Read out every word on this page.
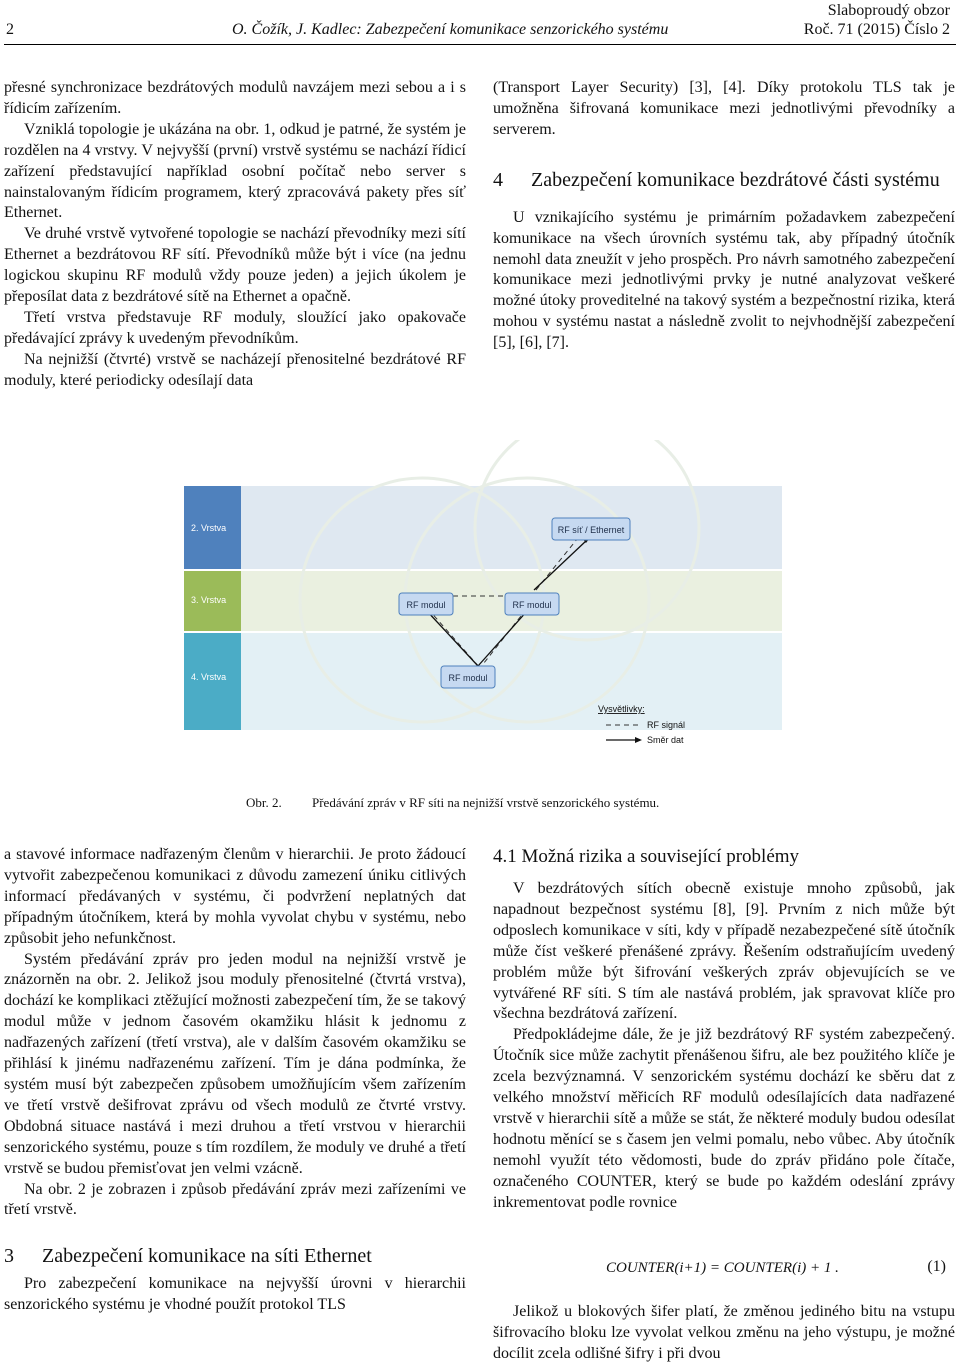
2	O. Čožík, J. Kadlec: Zabezpečení komunikace senzorického systému
Slaboproudý obzor
Roč. 71 (2015) Číslo 2

přesné synchronizace bezdrátových modulů navzájem mezi sebou a i s řídicím zařízením.

Vzniklá topologie je ukázána na obr. 1, odkud je patrné, že systém je rozdělen na 4 vrstvy. V nejvyšší (první) vrstvě systému se nachází řídicí zařízení představující například osobní počítač nebo server s nainstalovaným řídicím programem, který zpracovává pakety přes síť Ethernet.

Ve druhé vrstvě vytvořené topologie se nachází převodníky mezi sítí Ethernet a bezdrátovou RF sítí. Převodníků může být i více (na jednu logickou skupinu RF modulů vždy pouze jeden) a jejich úkolem je přeposílat data z bezdrátové sítě na Ethernet a opačně.

Třetí vrstva představuje RF moduly, sloužící jako opakovače předávající zprávy k uvedeným převodníkům.

Na nejnižší (čtvrté) vrstvě se nacházejí přenositelné bezdrátové RF moduly, které periodicky odesílají data

(Transport Layer Security) [3], [4]. Díky protokolu TLS tak je umožněna šifrovaná komunikace mezi jednotlivými převodníky a serverem.

4	Zabezpečení komunikace bezdrátové části systému

U vznikajícího systému je primárním požadavkem zabezpečení komunikace na všech úrovních systému tak, aby případný útočník nemohl data zneužít v jeho prospěch. Pro návrh samotného zabezpečení komunikace mezi jednotlivými prvky je nutné analyzovat veškeré možné útoky proveditelné na takový systém a bezpečnostní rizika, která mohou v systému nastat a následně zvolit to nejvhodnější zabezpečení [5], [6], [7].

2. Vrstva
3. Vrstva
4. Vrstva
RF síť / Ethernet
RF modul	RF modul
RF modul
Vysvětlivky:
RF signál
Směr dat
Obr. 2. Předávání zpráv v RF síti na nejnižší vrstvě senzorického systému.

a stavové informace nadřazeným členům v hierarchii. Je proto žádoucí vytvořit zabezpečenou komunikaci z důvodu zamezení úniku citlivých informací předávaných v systému, či podvržení neplatných dat případným útočníkem, která by mohla vyvolat chybu v systému, nebo způsobit jeho nefunkčnost.

Systém předávání zpráv pro jeden modul na nejnižší vrstvě je znázorněn na obr. 2. Jelikož jsou moduly přenositelné (čtvrtá vrstva), dochází ke komplikaci ztěžující možnosti zabezpečení tím, že se takový modul může v jednom časovém okamžiku hlásit k jednomu z nadřazených zařízení (třetí vrstva), ale v dalším časovém okamžiku se přihlásí k jinému nadřazenému zařízení. Tím je dána podmínka, že systém musí být zabezpečen způsobem umožňujícím všem zařízením ve třetí vrstvě dešifrovat zprávu od všech modulů ze čtvrté vrstvy. Obdobná situace nastává i mezi druhou a třetí vrstvou v hierarchii senzorického systému, pouze s tím rozdílem, že moduly ve druhé a třetí vrstvě se budou přemisťovat jen velmi vzácně.

Na obr. 2 je zobrazen i způsob předávání zpráv mezi zařízeními ve třetí vrstvě.

3	Zabezpečení komunikace na síti Ethernet

Pro zabezpečení komunikace na nejvyšší úrovni v hierarchii senzorického systému je vhodné použít protokol TLS

4.1 Možná rizika a související problémy

V bezdrátových sítích obecně existuje mnoho způsobů, jak napadnout bezpečnost systému [8], [9]. Prvním z nich může být odposlech komunikace v síti, kdy v případě nezabezpečené sítě útočník může číst veškeré přenášené zprávy. Řešením odstraňujícím uvedený problém může být šifrování veškerých zpráv objevujících se ve vytvářené RF síti. S tím ale nastává problém, jak spravovat klíče pro všechna bezdrátová zařízení.

Předpokládejme dále, že je již bezdrátový RF systém zabezpečený. Útočník sice může zachytit přenášenou šifru, ale bez použitého klíče je zcela bezvýznamná. V senzorickém systému dochází ke sběru dat z velkého množství měřicích RF modulů odesílajících data nadřazené vrstvě v hierarchii sítě a může se stát, že některé moduly budou odesílat hodnotu měnící se s časem jen velmi pomalu, nebo vůbec. Aby útočník nemohl využít této vědomosti, bude do zpráv přidáno pole čítače, označeného COUNTER, který se bude po každém odeslání zprávy inkrementovat podle rovnice

COUNTER(i+1) = COUNTER(i) + 1 .	(1)

Jelikož u blokových šifer platí, že změnou jediného bitu na vstupu šifrovacího bloku lze vyvolat velkou změnu na jeho výstupu, je možné docílit zcela odlišné šifry i při dvou
